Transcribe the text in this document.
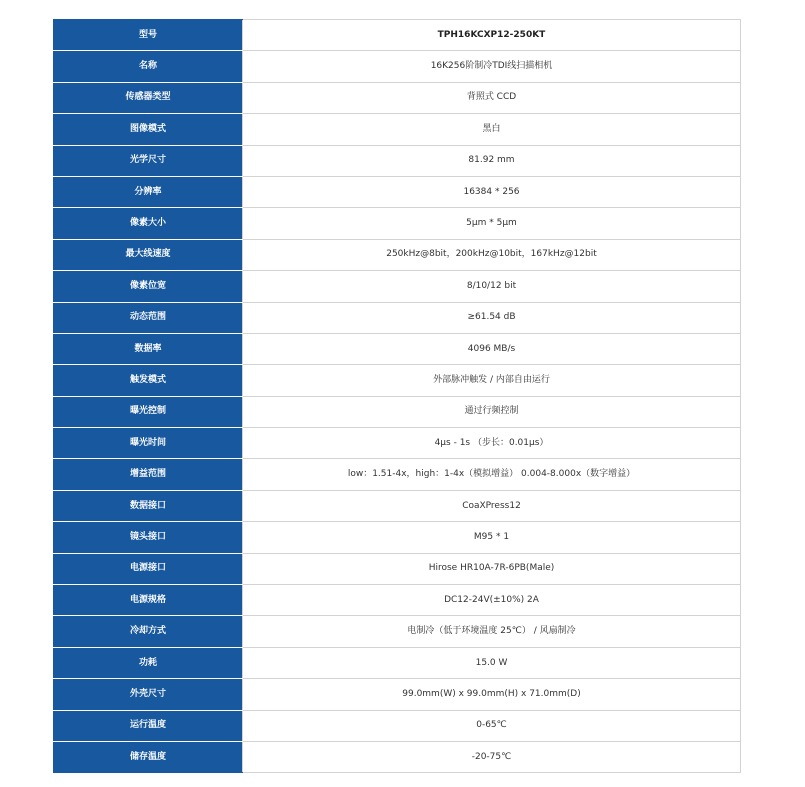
型号	TPH16KCXP12-250KT
名称	16K256阶制冷TDI线扫描相机
传感器类型	背照式 CCD
图像模式	黑白
光学尺寸	81.92 mm
分辨率	16384 * 256
像素大小	5μm * 5μm
最大线速度	250kHz@8bit，200kHz@10bit，167kHz@12bit
像素位宽	8/10/12 bit
动态范围	≥61.54 dB
数据率	4096 MB/s
触发模式	外部脉冲触发 / 内部自由运行
曝光控制	通过行频控制
曝光时间	4μs - 1s （步长：0.01μs）
增益范围	low：1.51-4x，high：1-4x（模拟增益） 0.004-8.000x（数字增益）
数据接口	CoaXPress12
镜头接口	M95 * 1
电源接口	Hirose HR10A-7R-6PB(Male)
电源规格	DC12-24V(±10%) 2A
冷却方式	电制冷（低于环境温度 25℃） / 风扇制冷
功耗	15.0 W
外壳尺寸	99.0mm(W) x 99.0mm(H) x 71.0mm(D)
运行温度	0-65℃
储存温度	-20-75℃
